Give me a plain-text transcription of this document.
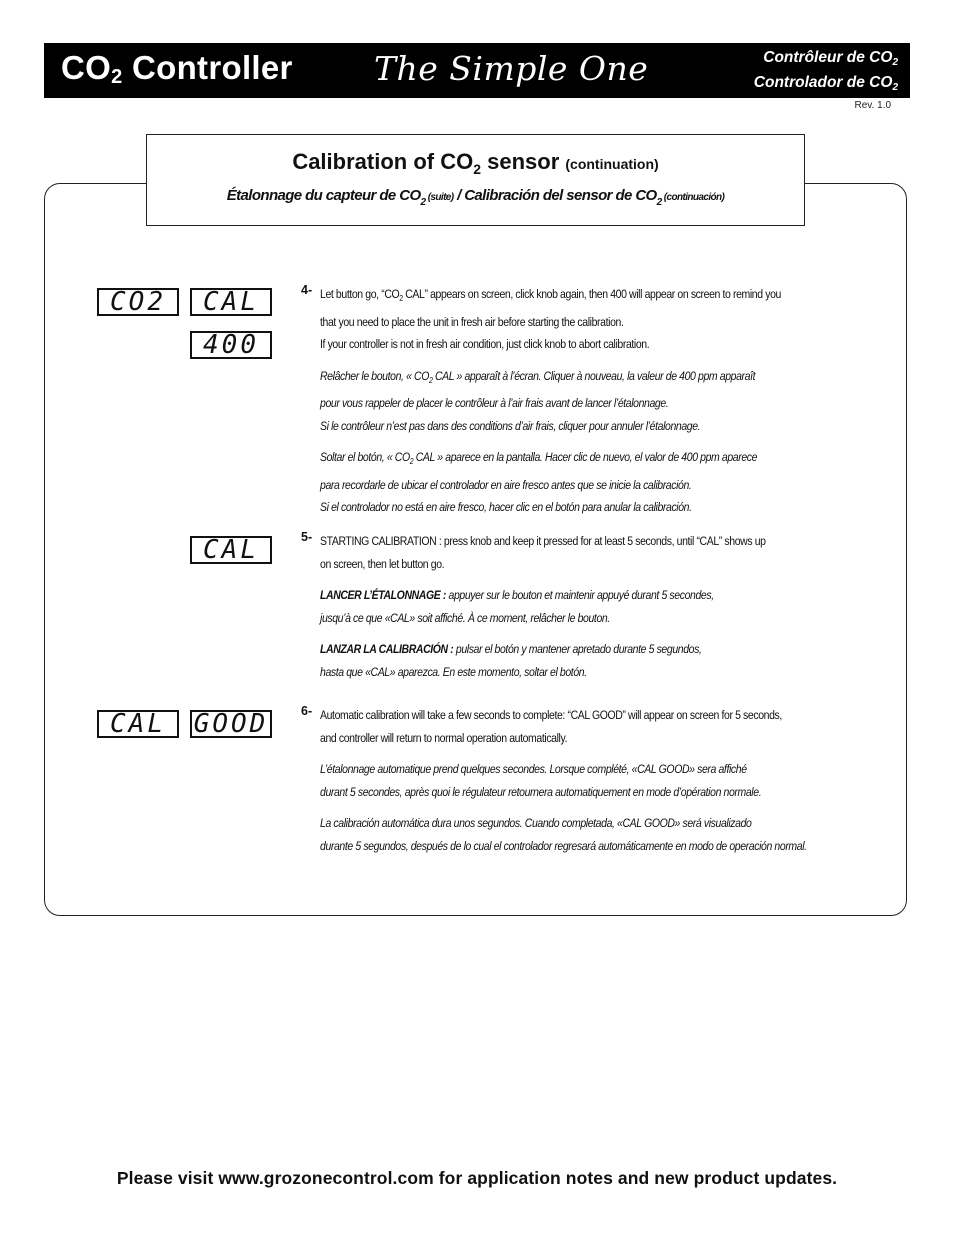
$CO_2$ Controller The Simple One	Contrôleur de $CO_2$
Controlador de $CO_2$
Rev. 1.0
Calibration of $CO_2$ sensor (continuation)
Étalonnage du capteur de $CO_2$ (suite) / Calibración del sensor de $CO_2$ (continuación)
CO2	CAL
400
CAL
CAL	GOOD
4- Let button go, “$CO_2$ CAL” appears on screen, click knob again, then 400 will appear on screen to remind you
that you need to place the unit in fresh air before starting the calibration.
If your controller is not in fresh air condition, just click knob to abort calibration.
Relâcher le bouton, « $CO_2$ CAL » apparaît à l’écran. Cliquer à nouveau, la valeur de 400 ppm apparaît
pour vous rappeler de placer le contrôleur à l’air frais avant de lancer l’étalonnage.
Si le contrôleur n’est pas dans des conditions d’air frais, cliquer pour annuler l’étalonnage.
Soltar el botón, « $CO_2$ CAL » aparece en la pantalla. Hacer clic de nuevo, el valor de 400 ppm aparece
para recordarle de ubicar el controlador en aire fresco antes que se inicie la calibración.
Si el controlador no está en aire fresco, hacer clic en el botón para anular la calibración.
5- STARTING CALIBRATION : press knob and keep it pressed for at least 5 seconds, until “CAL” shows up
on screen, then let button go.
LANCER L’ÉTALONNAGE : appuyer sur le bouton et maintenir appuyé durant 5 secondes,
jusqu’à ce que «CAL» soit affiché. À ce moment, relâcher le bouton.
LANZAR LA CALIBRACIÓN : pulsar el botón y mantener apretado durante 5 segundos,
hasta que «CAL» aparezca. En este momento, soltar el botón.
6- Automatic calibration will take a few seconds to complete: “CAL GOOD” will appear on screen for 5 seconds,
and controller will return to normal operation automatically.
L’étalonnage automatique prend quelques secondes. Lorsque complété, «CAL GOOD» sera affiché
durant 5 secondes, après quoi le régulateur retournera automatiquement en mode d’opération normale.
La calibración automática dura unos segundos. Cuando completada, «CAL GOOD» será visualizado
durante 5 segundos, después de lo cual el controlador regresará automáticamente en modo de operación normal.
Please visit www.grozonecontrol.com for application notes and new product updates.
